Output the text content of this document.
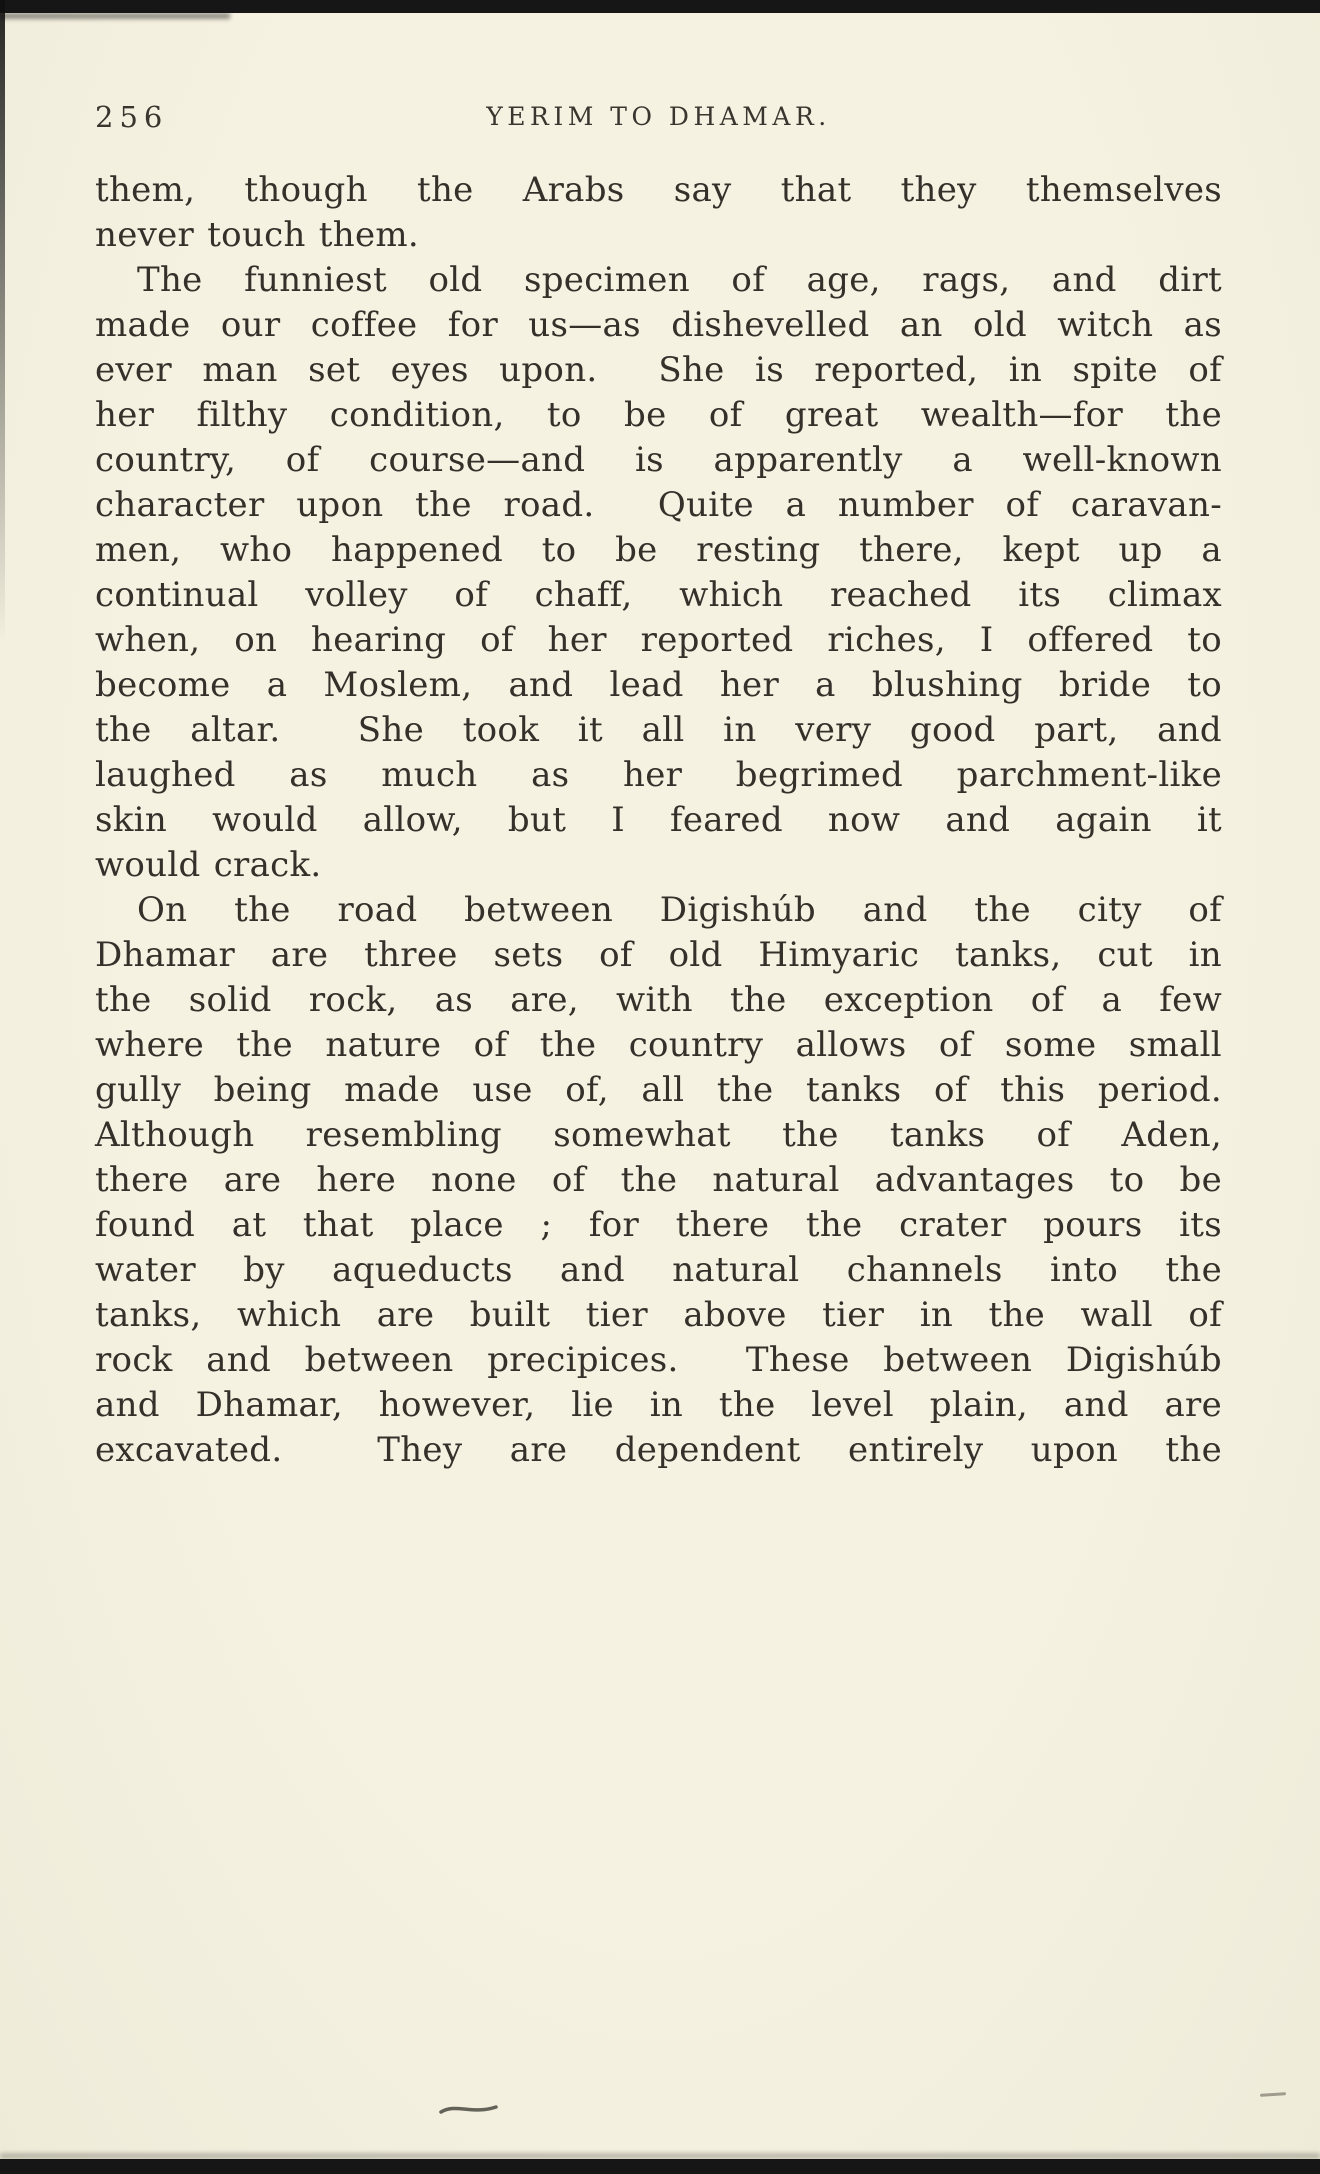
256	YERIM TO DHAMAR.

them, though the Arabs say that they themselves
never touch them.

The funniest old specimen of age, rags, and dirt
made our coffee for us—as dishevelled an old witch as
ever man set eyes upon.  She is reported, in spite of
her filthy condition, to be of great wealth—for the
country, of course—and is apparently a well-known
character upon the road.  Quite a number of caravan-
men, who happened to be resting there, kept up a
continual volley of chaff, which reached its climax
when, on hearing of her reported riches, I offered to
become a Moslem, and lead her a blushing bride to
the altar.  She took it all in very good part, and
laughed as much as her begrimed parchment-like
skin would allow, but I feared now and again it
would crack.

On the road between Digishúb and the city of
Dhamar are three sets of old Himyaric tanks, cut in
the solid rock, as are, with the exception of a few
where the nature of the country allows of some small
gully being made use of, all the tanks of this period.
Although resembling somewhat the tanks of Aden,
there are here none of the natural advantages to be
found at that place ; for there the crater pours its
water by aqueducts and natural channels into the
tanks, which are built tier above tier in the wall of
rock and between precipices.  These between Digishúb
and Dhamar, however, lie in the level plain, and are
excavated.  They are dependent entirely upon the
